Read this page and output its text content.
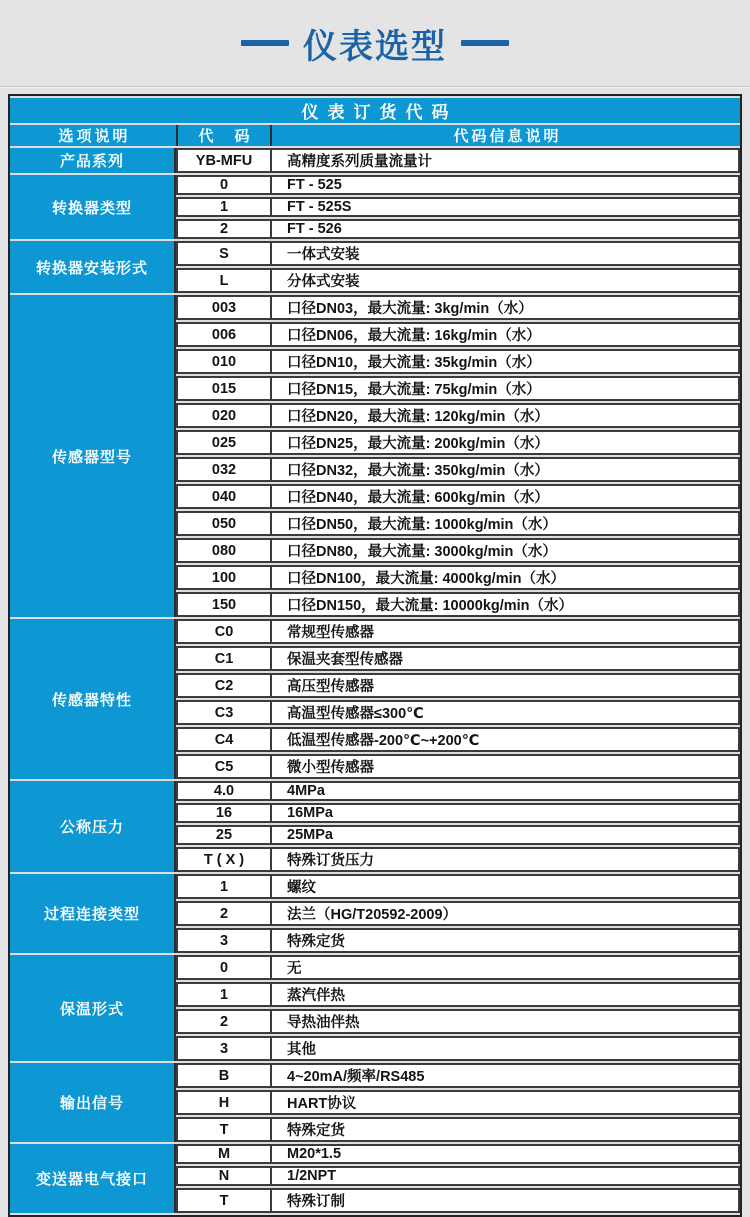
仪表选型
仪表订货代码		
选项说明	代　码	代码信息说明
产品系列	YB-MFU	高精度系列质量流量计
转换器类型	0	FT - 525
	1	FT - 525S
	2	FT - 526
转换器安装形式	S	一体式安装
	L	分体式安装
传感器型号	003	口径DN03，最大流量: 3kg/min（水）
	006	口径DN06，最大流量: 16kg/min（水）
	010	口径DN10，最大流量: 35kg/min（水）
	015	口径DN15，最大流量: 75kg/min（水）
	020	口径DN20，最大流量: 120kg/min（水）
	025	口径DN25，最大流量: 200kg/min（水）
	032	口径DN32，最大流量: 350kg/min（水）
	040	口径DN40，最大流量: 600kg/min（水）
	050	口径DN50，最大流量: 1000kg/min（水）
	080	口径DN80，最大流量: 3000kg/min（水）
	100	口径DN100，最大流量: 4000kg/min（水）
	150	口径DN150，最大流量: 10000kg/min（水）
传感器特性	C0	常规型传感器
	C1	保温夹套型传感器
	C2	高压型传感器
	C3	高温型传感器≤300℃
	C4	低温型传感器-200℃~+200℃
	C5	微小型传感器
公称压力	4.0	4MPa
	16	16MPa
	25	25MPa
	T ( X )	特殊订货压力
过程连接类型	1	螺纹
	2	法兰（HG/T20592-2009）
	3	特殊定货
保温形式	0	无
	1	蒸汽伴热
	2	导热油伴热
	3	其他
输出信号	B	4~20mA/频率/RS485
	H	HART协议
	T	特殊定货
变送器电气接口	M	M20*1.5
	N	1/2NPT
	T	特殊订制
